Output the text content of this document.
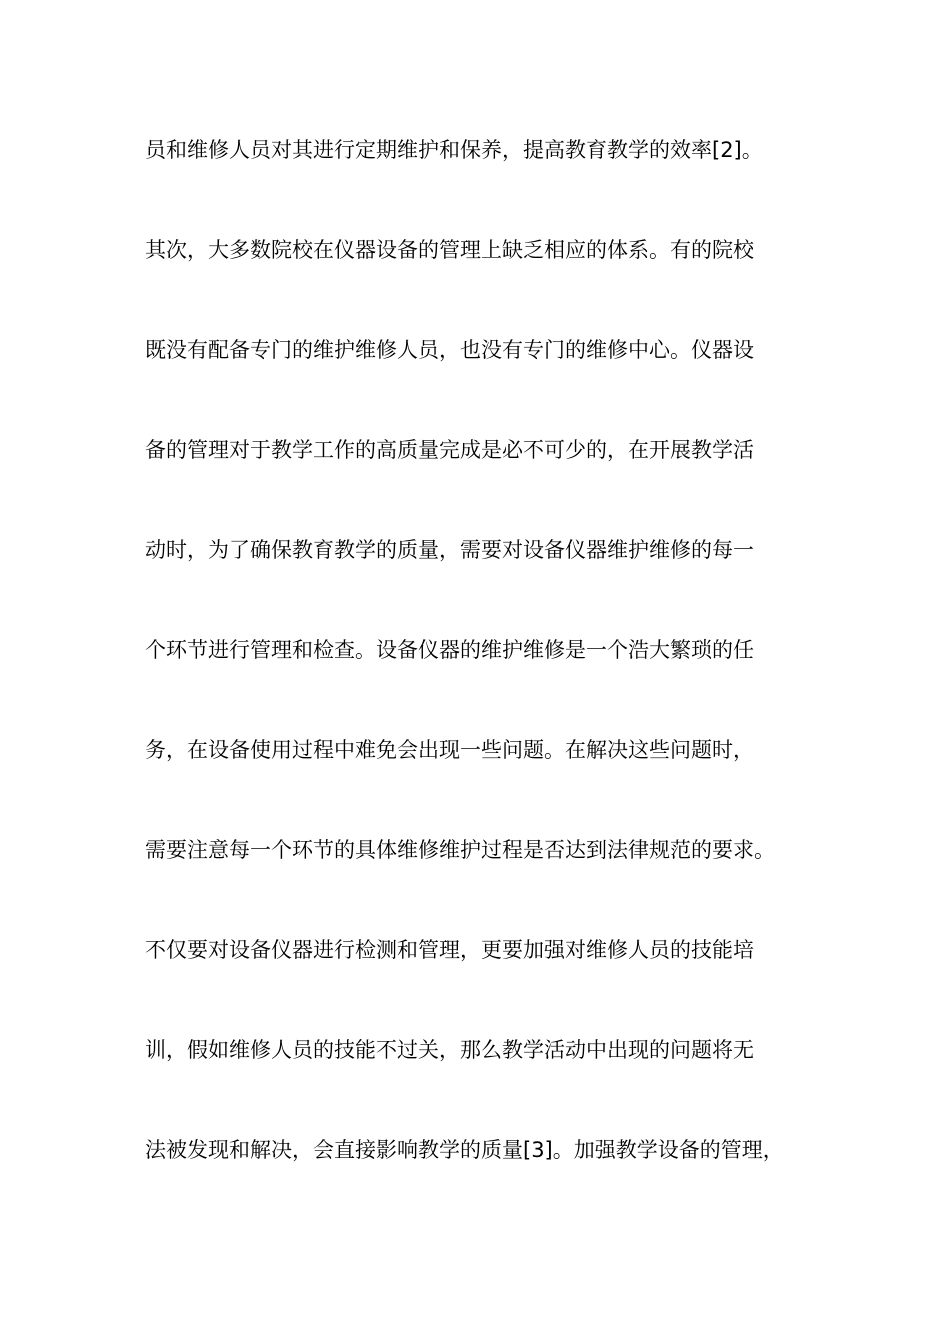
员和维修人员对其进行定期维护和保养，提高教育教学的效率[2]。
其次，大多数院校在仪器设备的管理上缺乏相应的体系。有的院校
既没有配备专门的维护维修人员，也没有专门的维修中心。仪器设
备的管理对于教学工作的高质量完成是必不可少的，在开展教学活
动时，为了确保教育教学的质量，需要对设备仪器维护维修的每一
个环节进行管理和检查。设备仪器的维护维修是一个浩大繁琐的任
务，在设备使用过程中难免会出现一些问题。在解决这些问题时，
需要注意每一个环节的具体维修维护过程是否达到法律规范的要求。
不仅要对设备仪器进行检测和管理，更要加强对维修人员的技能培
训，假如维修人员的技能不过关，那么教学活动中出现的问题将无
法被发现和解决，会直接影响教学的质量[3]。加强教学设备的管理，
